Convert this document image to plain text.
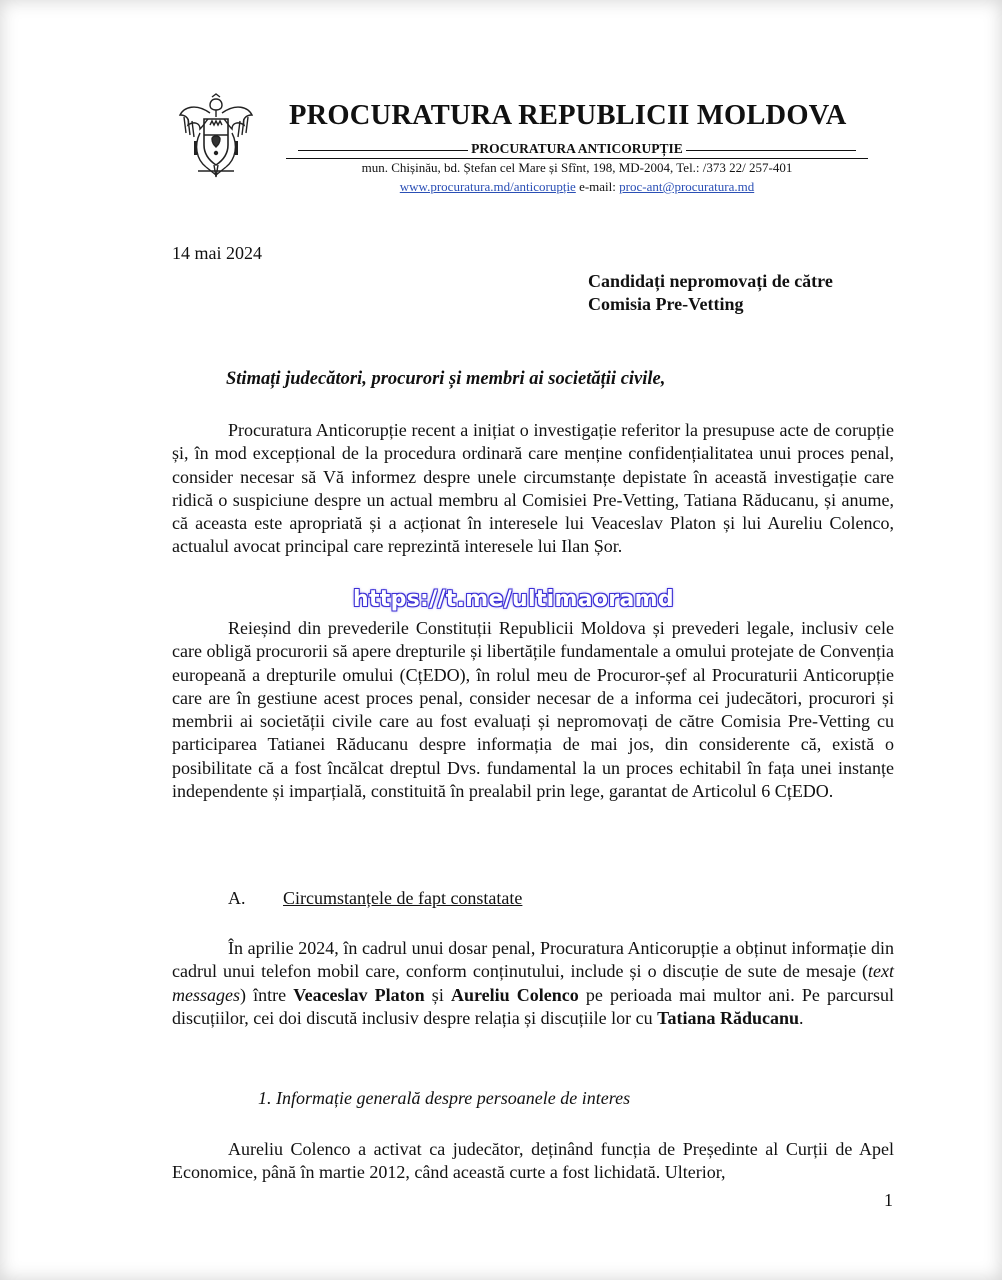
PROCURATURA REPUBLICII MOLDOVA
PROCURATURA ANTICORUPȚIE
mun. Chișinău, bd. Ștefan cel Mare și Sfînt, 198, MD-2004, Tel.: /373 22/ 257-401
www.procuratura.md/anticorupție e-mail: proc-ant@procuratura.md
14 mai 2024
Candidați nepromovați de către
Comisia Pre-Vetting
Stimați judecători, procurori și membri ai societății civile,

Procuratura Anticorupție recent a inițiat o investigație referitor la presupuse acte de corupție și, în mod excepțional de la procedura ordinară care menține confidențialitatea unui proces penal, consider necesar să Vă informez despre unele circumstanțe depistate în această investigație care ridică o suspiciune despre un actual membru al Comisiei Pre-Vetting, Tatiana Răducanu, și anume, că aceasta este apropriată și a acționat în interesele lui Veaceslav Platon și lui Aureliu Colenco, actualul avocat principal care reprezintă interesele lui Ilan Șor.

https://t.me/ultimaoramd

Reieșind din prevederile Constituții Republicii Moldova și prevederi legale, inclusiv cele care obligă procurorii să apere drepturile și libertățile fundamentale a omului protejate de Convenția europeană a drepturile omului (CțEDO), în rolul meu de Procuror-șef al Procuraturii Anticorupție care are în gestiune acest proces penal, consider necesar de a informa cei judecători, procurori și membrii ai societății civile care au fost evaluați și nepromovați de către Comisia Pre-Vetting cu participarea Tatianei Răducanu despre informația de mai jos, din considerente că, există o posibilitate că a fost încălcat dreptul Dvs. fundamental la un proces echitabil în fața unei instanțe independente și imparțială, constituită în prealabil prin lege, garantat de Articolul 6 CțEDO.

A. Circumstanțele de fapt constatate

În aprilie 2024, în cadrul unui dosar penal, Procuratura Anticorupție a obținut informație din cadrul unui telefon mobil care, conform conținutului, include și o discuție de sute de mesaje (text messages) între Veaceslav Platon și Aureliu Colenco pe perioada mai multor ani. Pe parcursul discuțiilor, cei doi discută inclusiv despre relația și discuțiile lor cu Tatiana Răducanu.

1. Informație generală despre persoanele de interes

Aureliu Colenco a activat ca judecător, deținând funcția de Președinte al Curții de Apel Economice, până în martie 2012, când această curte a fost lichidată. Ulterior,

1
